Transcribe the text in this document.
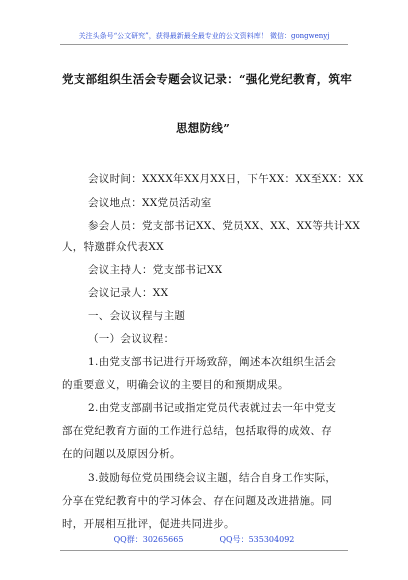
关注头条号“公文研究”，获得最新最全最专业的公文资料库！ 微信：gongwenyj
党支部组织生活会专题会议记录：“强化党纪教育，筑牢
思想防线”
会议时间：XXXX年XX月XX日，下午XX：XX至XX：XX
会议地点：XX党员活动室
参会人员：党支部书记XX、党员XX、XX、XX等共计XX
人，特邀群众代表XX
会议主持人：党支部书记XX
会议记录人：XX
一、会议议程与主题
（一）会议议程：
1.由党支部书记进行开场致辞，阐述本次组织生活会
的重要意义，明确会议的主要目的和预期成果。
2.由党支部副书记或指定党员代表就过去一年中党支
部在党纪教育方面的工作进行总结，包括取得的成效、存
在的问题以及原因分析。
3.鼓励每位党员围绕会议主题，结合自身工作实际，
分享在党纪教育中的学习体会、存在问题及改进措施。同
时，开展相互批评，促进共同进步。
QQ群：30265665	QQ号：535304092
